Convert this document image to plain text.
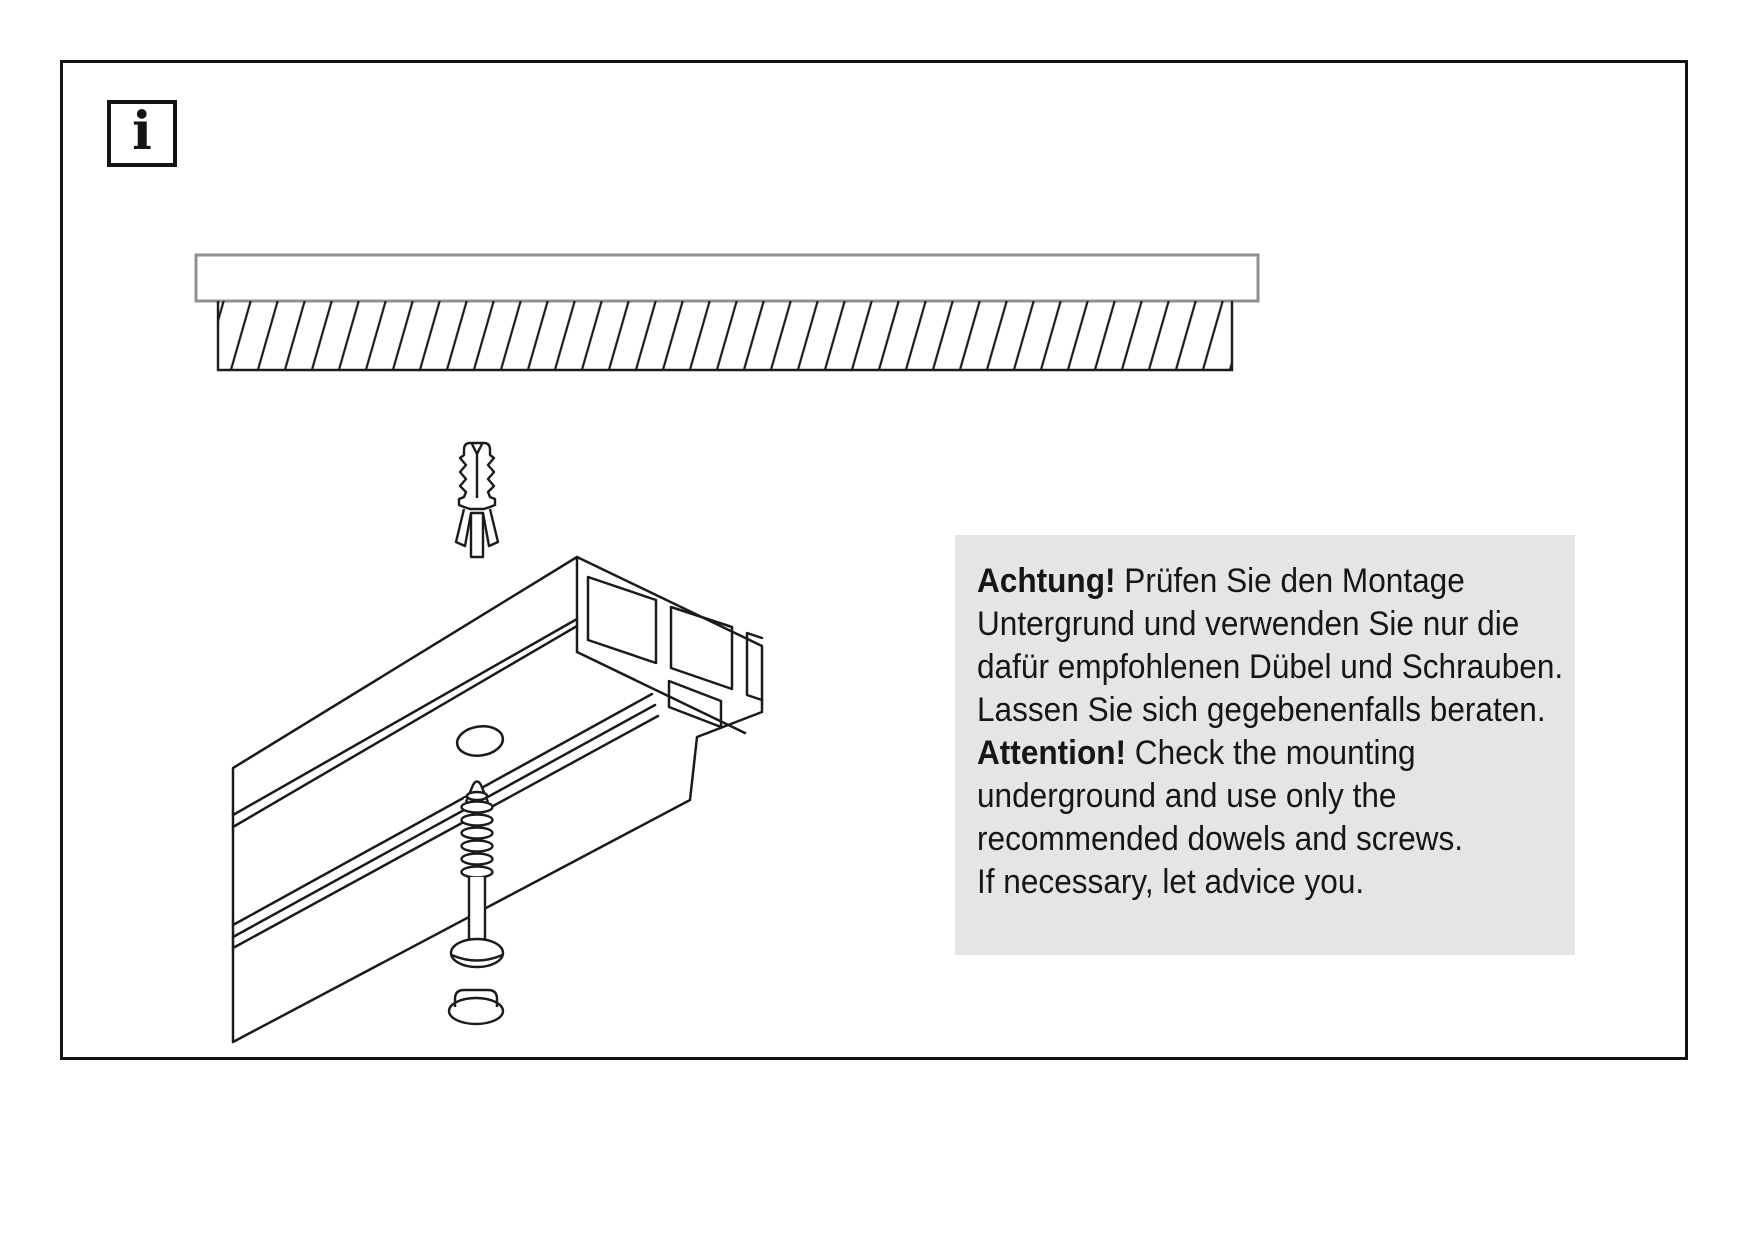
i
Achtung! Prüfen Sie den Montage
Untergrund und verwenden Sie nur die
dafür empfohlenen Dübel und Schrauben.
Lassen Sie sich gegebenenfalls beraten.
Attention! Check the mounting
underground and use only the
recommended dowels and screws.
If necessary, let advice you.
